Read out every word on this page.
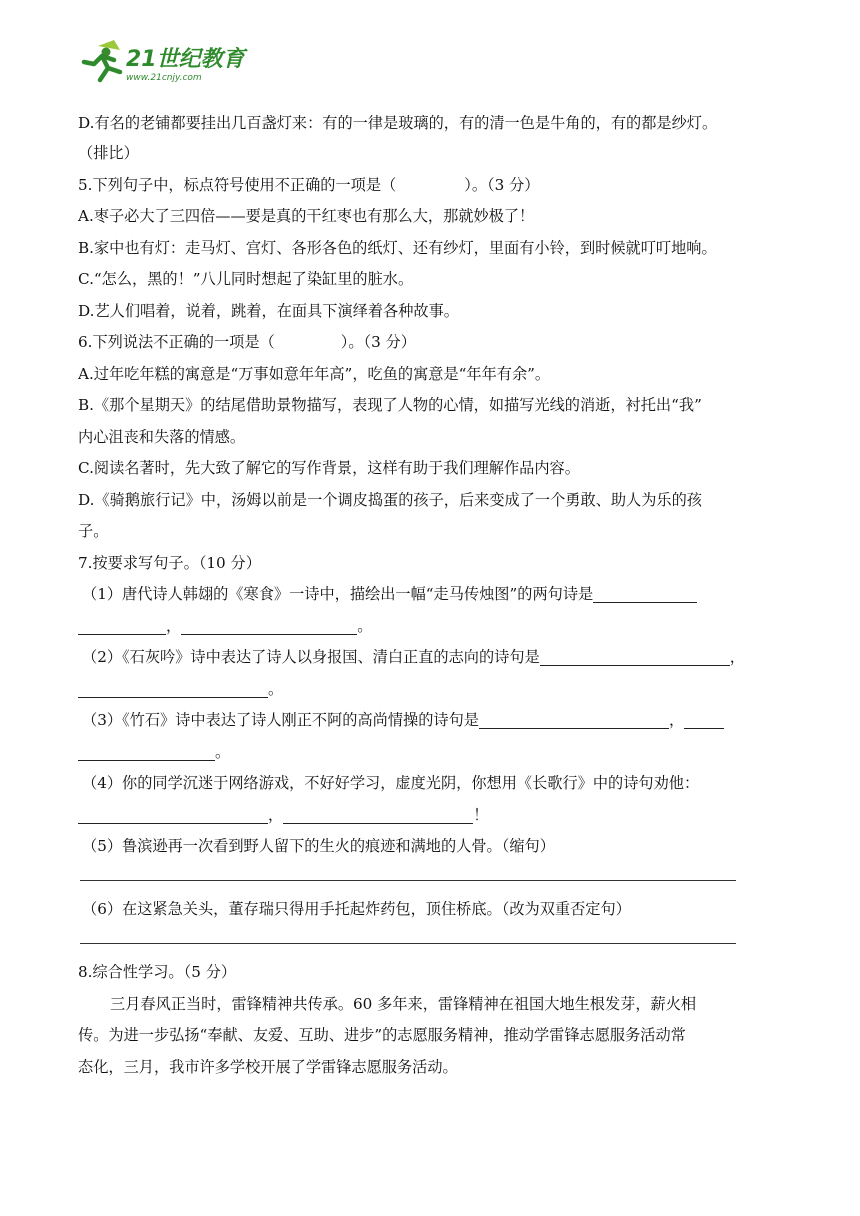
21世纪教育
www.21cnjy.com
D.有名的老铺都要挂出几百盏灯来：有的一律是玻璃的，有的清一色是牛角的，有的都是纱灯。
（排比）
5.下列句子中，标点符号使用不正确的一项是（	）。（3 分）
A.枣子必大了三四倍——要是真的干红枣也有那么大，那就妙极了！
B.家中也有灯：走马灯、宫灯、各形各色的纸灯、还有纱灯，里面有小铃，到时候就叮叮地响。
C.“怎么，黑的！”八儿同时想起了染缸里的脏水。
D.艺人们唱着，说着，跳着，在面具下演绎着各种故事。
6.下列说法不正确的一项是（	）。（3 分）
A.过年吃年糕的寓意是“万事如意年年高”，吃鱼的寓意是“年年有余”。
B.《那个星期天》的结尾借助景物描写，表现了人物的心情，如描写光线的消逝，衬托出“我”
内心沮丧和失落的情感。
C.阅读名著时，先大致了解它的写作背景，这样有助于我们理解作品内容。
D.《骑鹅旅行记》中，汤姆以前是一个调皮捣蛋的孩子，后来变成了一个勇敢、助人为乐的孩
子。
7.按要求写句子。（10 分）
（1）唐代诗人韩翃的《寒食》一诗中，描绘出一幅“走马传烛图”的两句诗是
，	。
（2）《石灰吟》诗中表达了诗人以身报国、清白正直的志向的诗句是	，
。
（3）《竹石》诗中表达了诗人刚正不阿的高尚情操的诗句是	，
。
（4）你的同学沉迷于网络游戏，不好好学习，虚度光阴，你想用《长歌行》中的诗句劝他：
，	！
（5）鲁滨逊再一次看到野人留下的生火的痕迹和满地的人骨。（缩句）
（6）在这紧急关头，董存瑞只得用手托起炸药包，顶住桥底。（改为双重否定句）
8.综合性学习。（5 分）
三月春风正当时，雷锋精神共传承。60 多年来，雷锋精神在祖国大地生根发芽，薪火相
传。为进一步弘扬“奉献、友爱、互助、进步”的志愿服务精神，推动学雷锋志愿服务活动常
态化，三月，我市许多学校开展了学雷锋志愿服务活动。
